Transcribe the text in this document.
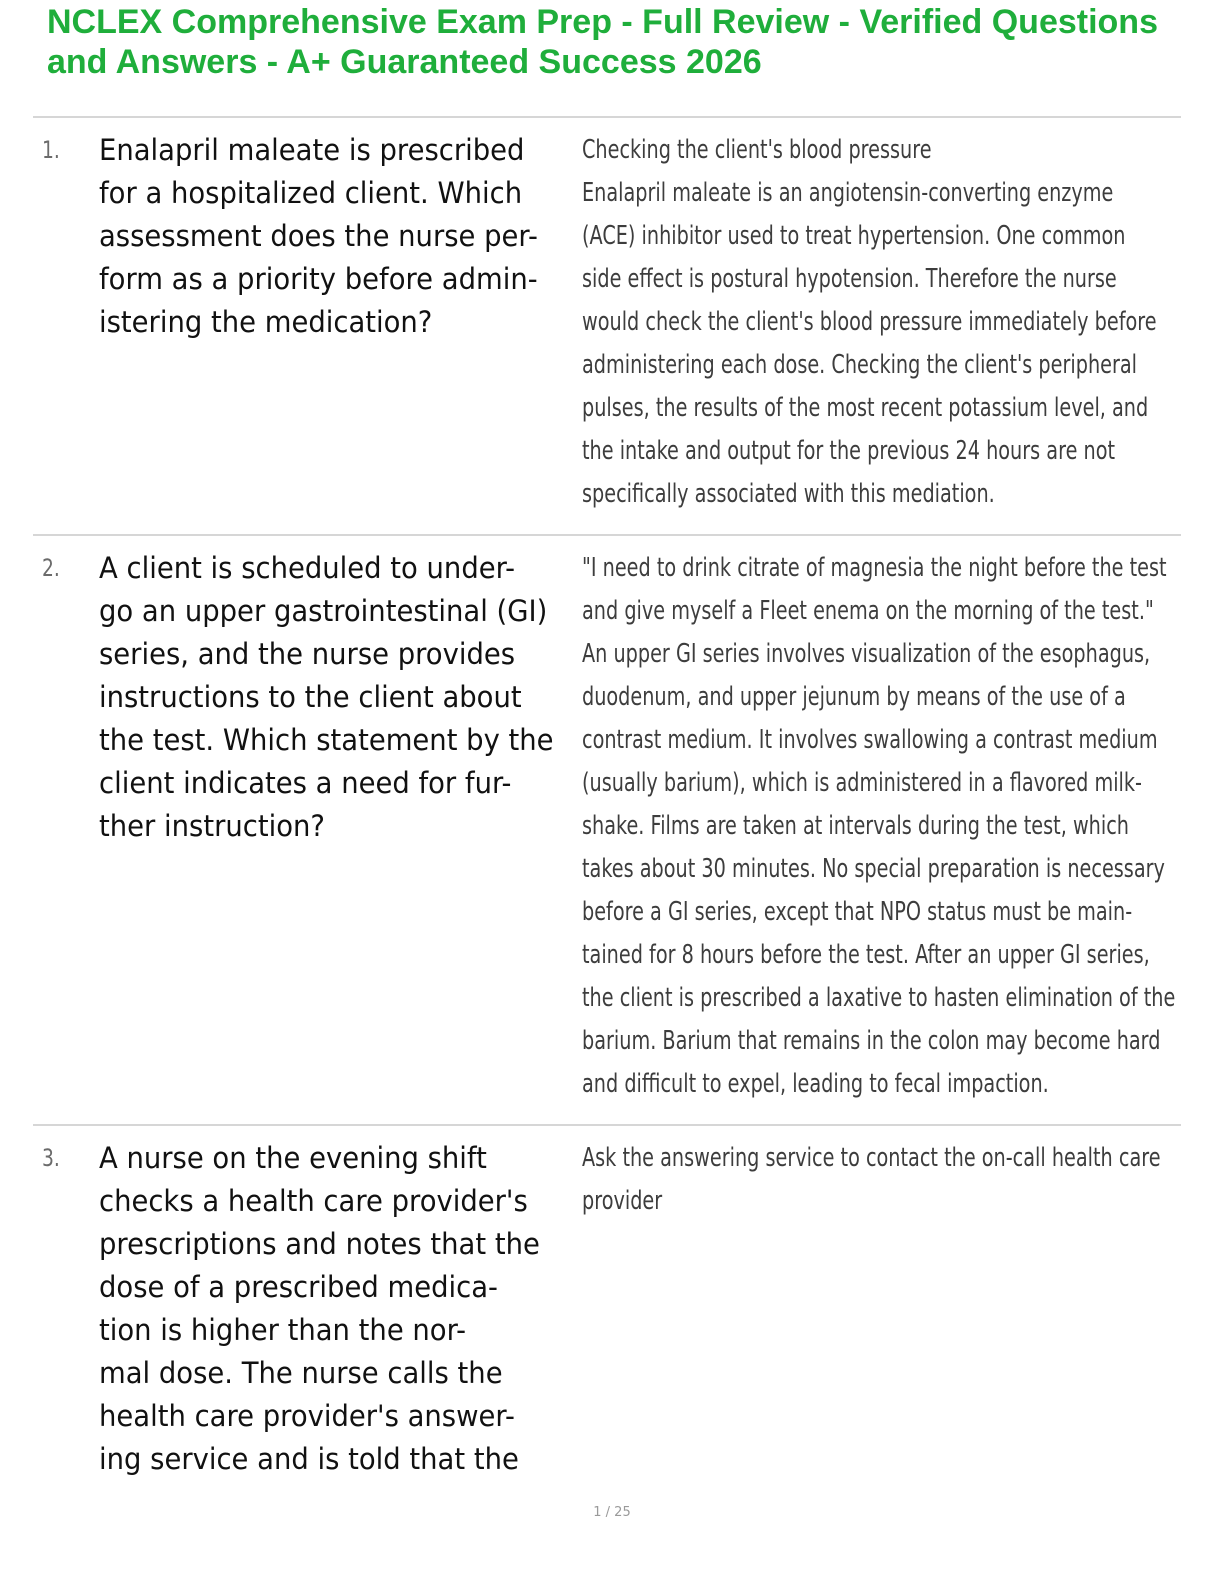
NCLEX Comprehensive Exam Prep - Full Review - Verified Questions and Answers - A+ Guaranteed Success 2026
1. Enalapril maleate is prescribed
for a hospitalized client. Which
assessment does the nurse per-
form as a priority before admin-
istering the medication?

Checking the client's blood pressure
Enalapril maleate is an angiotensin-converting enzyme
(ACE) inhibitor used to treat hypertension. One common
side effect is postural hypotension. Therefore the nurse
would check the client's blood pressure immediately before
administering each dose. Checking the client's peripheral
pulses, the results of the most recent potassium level, and
the intake and output for the previous 24 hours are not
specifically associated with this mediation.

2. A client is scheduled to under-
go an upper gastrointestinal (GI)
series, and the nurse provides
instructions to the client about
the test. Which statement by the
client indicates a need for fur-
ther instruction?

"I need to drink citrate of magnesia the night before the test
and give myself a Fleet enema on the morning of the test."
An upper GI series involves visualization of the esophagus,
duodenum, and upper jejunum by means of the use of a
contrast medium. It involves swallowing a contrast medium
(usually barium), which is administered in a flavored milk-
shake. Films are taken at intervals during the test, which
takes about 30 minutes. No special preparation is necessary
before a GI series, except that NPO status must be main-
tained for 8 hours before the test. After an upper GI series,
the client is prescribed a laxative to hasten elimination of the
barium. Barium that remains in the colon may become hard
and difficult to expel, leading to fecal impaction.

3. A nurse on the evening shift
checks a health care provider's
prescriptions and notes that the
dose of a prescribed medica-
tion is higher than the nor-
mal dose. The nurse calls the
health care provider's answer-
ing service and is told that the

Ask the answering service to contact the on-call health care
provider

1 / 25
